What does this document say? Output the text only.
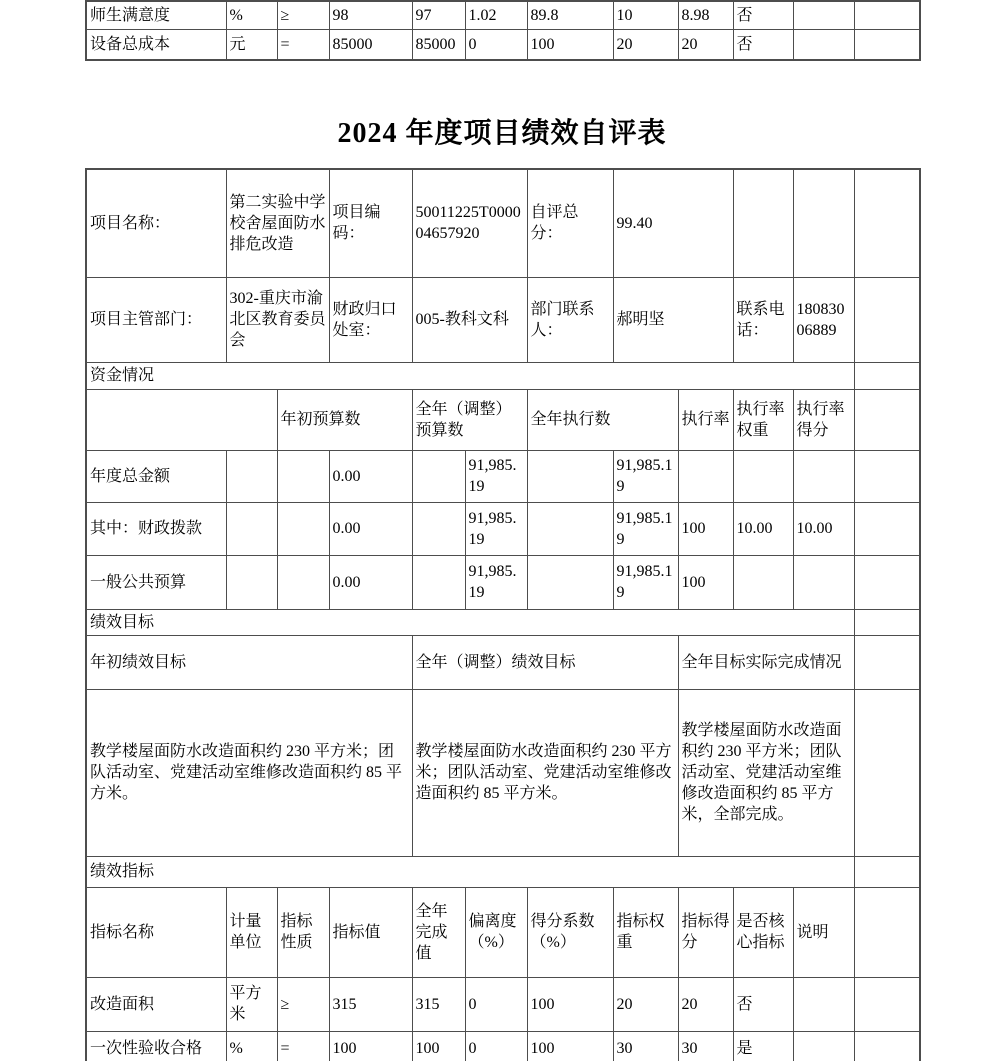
师生满意度	%	≥	98	97	1.02	89.8	10	8.98	否		
设备总成本	元	=	85000	85000	0	100	20	20	否		
2024 年度项目绩效自评表
项目名称：	第二实验中学校舍屋面防水排危改造		项目编码：	50011225T000004657920		自评总分：	99.40				
项目主管部门：	302-重庆市渝北区教育委员会		财政归口处室：	005-教科文科		部门联系人：	郝明坚		联系电话：	18083006889	
资金情况											
		年初预算数		全年（调整）预算数		全年执行数		执行率	执行率权重	执行率得分	
年度总金额			0.00		91,985.19		91,985.19				
其中：财政拨款			0.00		91,985.19		91,985.19	100	10.00	10.00	
一般公共预算			0.00		91,985.19		91,985.19	100			
绩效目标											
年初绩效目标				全年（调整）绩效目标				全年目标实际完成情况			
教学楼屋面防水改造面积约 230 平方米；团队活动室、党建活动室维修改造面积约 85 平方米。				教学楼屋面防水改造面积约 230 平方米；团队活动室、党建活动室维修改造面积约 85 平方米。				教学楼屋面防水改造面积约 230 平方米；团队活动室、党建活动室维修改造面积约 85 平方米，全部完成。			
绩效指标											
指标名称	计量单位	指标性质	指标值	全年完成值	偏离度（%）	得分系数（%）	指标权重	指标得分	是否核心指标	说明	
改造面积	平方米	≥	315	315	0	100	20	20	否		
一次性验收合格	%	=	100	100	0	100	30	30	是		
